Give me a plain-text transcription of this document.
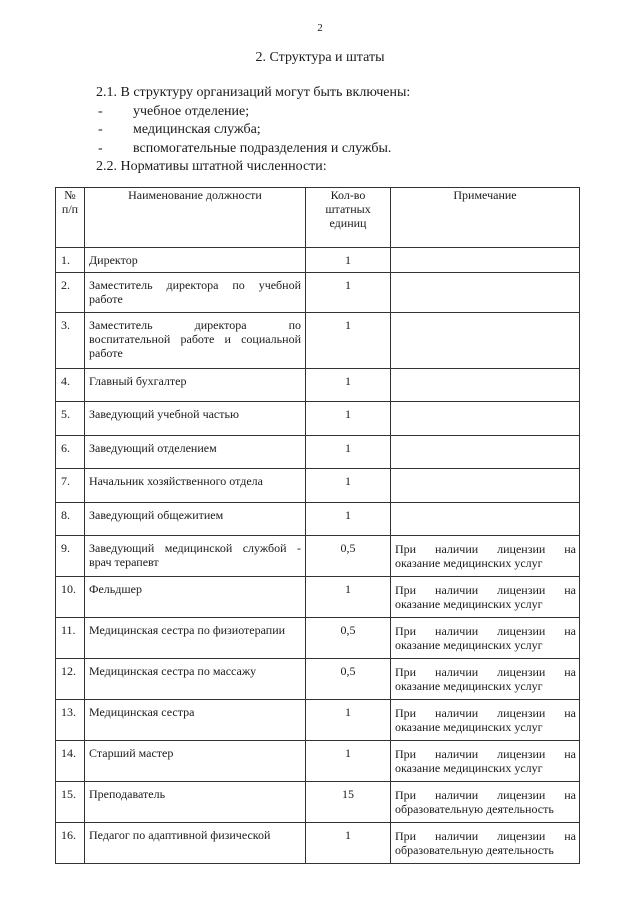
2
2. Структура и штаты
2.1. В структуру организаций могут быть включены:
-	учебное отделение;
-	медицинская служба;
-	вспомогательные подразделения и службы.
2.2. Нормативы штатной численности:
№
п/п	Наименование должности	Кол-во
штатных
единиц	Примечание
1.	Директор	1	
2.	Заместитель директора по учебной работе	1	
3.	Заместитель директора по воспитательной работе и социальной работе	1	
4.	Главный бухгалтер	1	
5.	Заведующий учебной частью	1	
6.	Заведующий отделением	1	
7.	Начальник хозяйственного отдела	1	
8.	Заведующий общежитием	1	
9.	Заведующий медицинской службой - врач терапевт	0,5	При наличии лицензии на
оказание медицинских услуг
10.	Фельдшер	1	При наличии лицензии на
оказание медицинских услуг
11.	Медицинская сестра по физиотерапии	0,5	При наличии лицензии на
оказание медицинских услуг
12.	Медицинская сестра по массажу	0,5	При наличии лицензии на
оказание медицинских услуг
13.	Медицинская сестра	1	При наличии лицензии на
оказание медицинских услуг
14.	Старший мастер	1	При наличии лицензии на
оказание медицинских услуг
15.	Преподаватель	15	При наличии лицензии на
образовательную деятельность
16.	Педагог по адаптивной физической	1	При наличии лицензии на
образовательную деятельность
